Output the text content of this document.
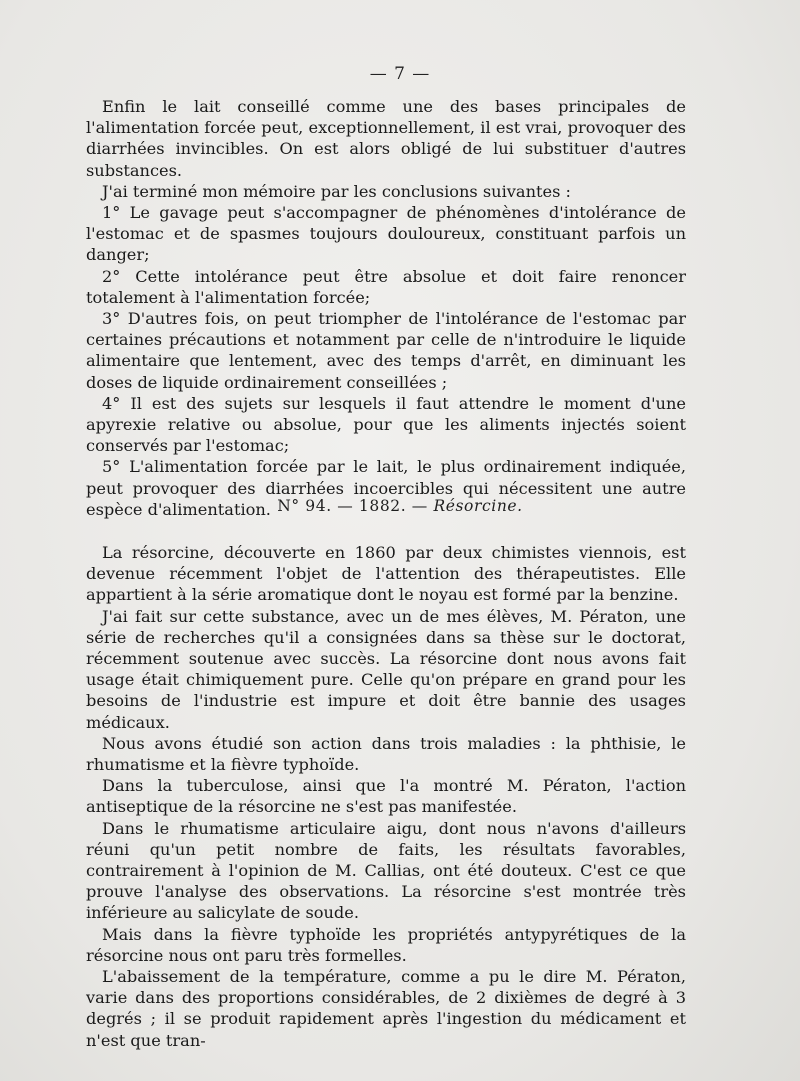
— 7 —

Enfin le lait conseillé comme une des bases principales de l'alimentation forcée peut, exceptionnellement, il est vrai, provoquer des diarrhées invincibles. On est alors obligé de lui substituer d'autres substances.

J'ai terminé mon mémoire par les conclusions suivantes :

1° Le gavage peut s'accompagner de phénomènes d'intolérance de l'estomac et de spasmes toujours douloureux, constituant parfois un danger;

2° Cette intolérance peut être absolue et doit faire renoncer totalement à l'alimentation forcée;

3° D'autres fois, on peut triompher de l'intolérance de l'estomac par certaines précautions et notamment par celle de n'introduire le liquide alimentaire que lentement, avec des temps d'arrêt, en diminuant les doses de liquide ordinairement conseillées ;

4° Il est des sujets sur lesquels il faut attendre le moment d'une apyrexie relative ou absolue, pour que les aliments injectés soient conservés par l'estomac;

5° L'alimentation forcée par le lait, le plus ordinairement indiquée, peut provoquer des diarrhées incoercibles qui nécessitent une autre espèce d'alimentation. N° 94. — 1882. — Résorcine.

La résorcine, découverte en 1860 par deux chimistes viennois, est devenue récemment l'objet de l'attention des thérapeutistes. Elle appartient à la série aromatique dont le noyau est formé par la benzine.

J'ai fait sur cette substance, avec un de mes élèves, M. Pératon, une série de recherches qu'il a consignées dans sa thèse sur le doctorat, récemment soutenue avec succès. La résorcine dont nous avons fait usage était chimiquement pure. Celle qu'on prépare en grand pour les besoins de l'industrie est impure et doit être bannie des usages médicaux.

Nous avons étudié son action dans trois maladies : la phthisie, le rhumatisme et la fièvre typhoïde.

Dans la tuberculose, ainsi que l'a montré M. Pératon, l'action antiseptique de la résorcine ne s'est pas manifestée.

Dans le rhumatisme articulaire aigu, dont nous n'avons d'ailleurs réuni qu'un petit nombre de faits, les résultats favorables, contrairement à l'opinion de M. Callias, ont été douteux. C'est ce que prouve l'analyse des observations. La résorcine s'est montrée très inférieure au salicylate de soude.

Mais dans la fièvre typhoïde les propriétés antypyrétiques de la résorcine nous ont paru très formelles.

L'abaissement de la température, comme a pu le dire M. Pératon, varie dans des proportions considérables, de 2 dixièmes de degré à 3 degrés ; il se produit rapidement après l'ingestion du médicament et n'est que tran-
